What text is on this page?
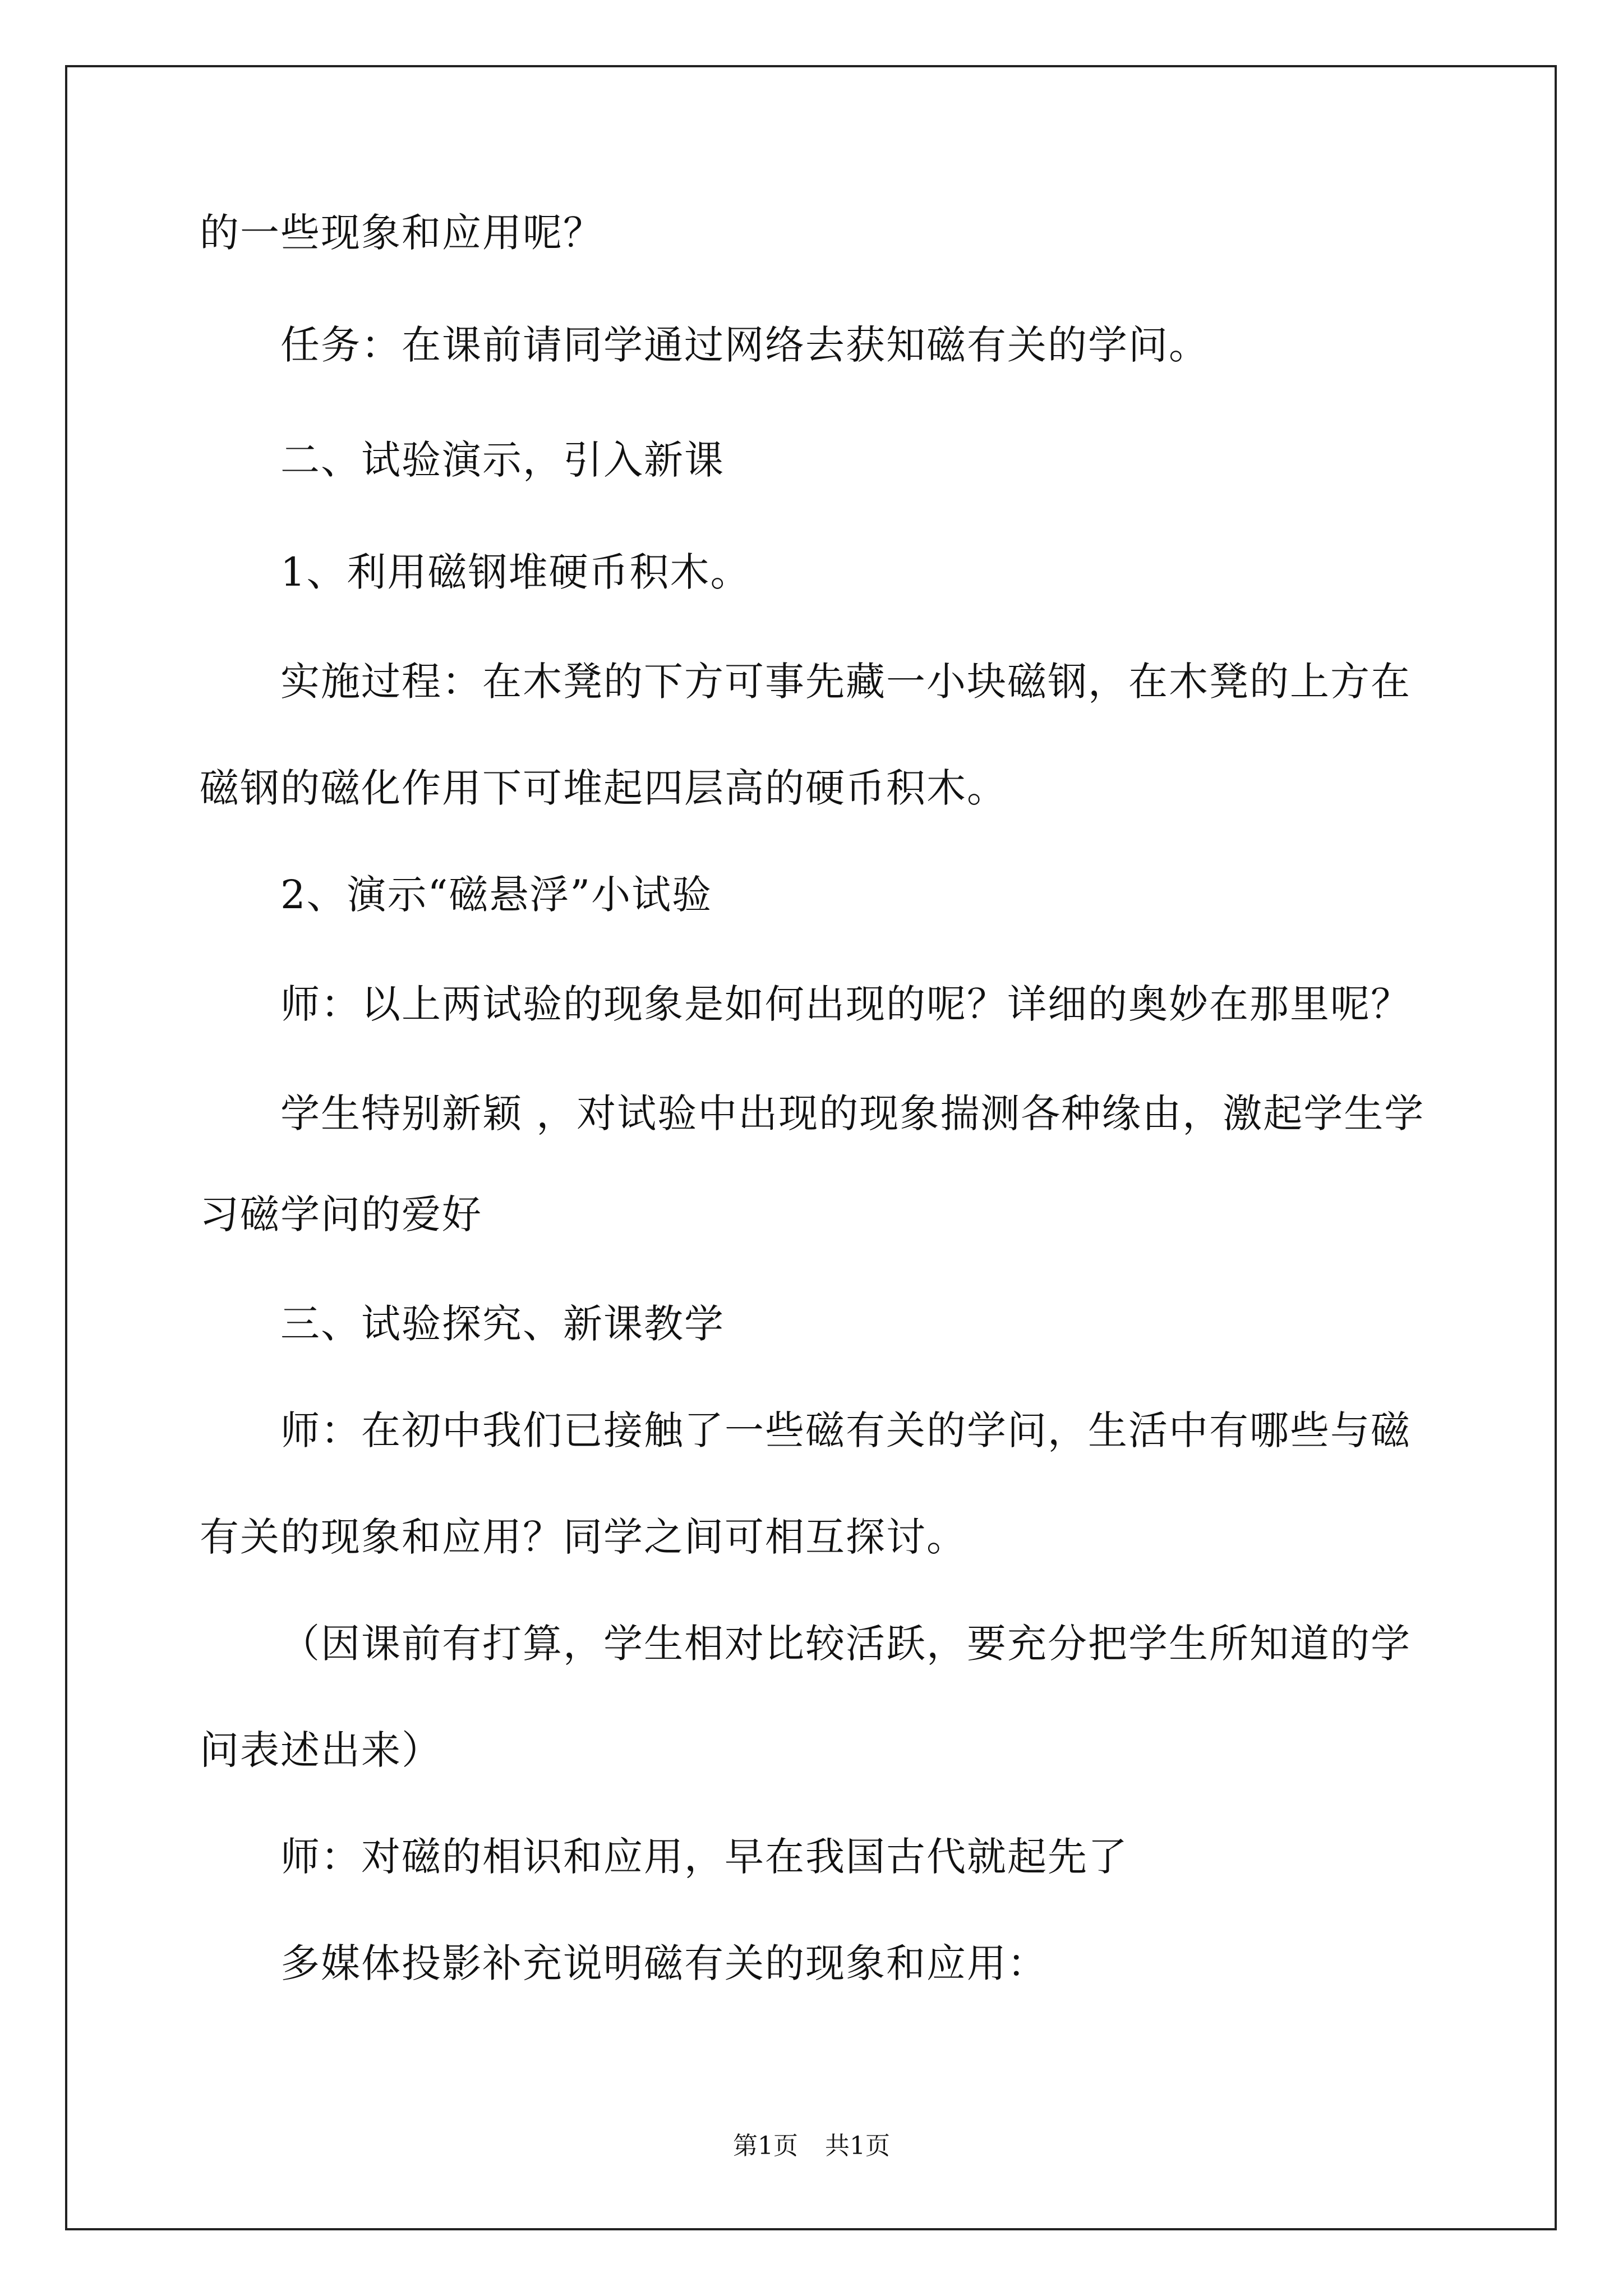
的一些现象和应用呢？
任务：在课前请同学通过网络去获知磁有关的学问。
二、试验演示，引入新课
1、利用磁钢堆硬币积木。
实施过程：在木凳的下方可事先藏一小块磁钢，在木凳的上方在
磁钢的磁化作用下可堆起四层高的硬币积木。
2、演示“磁悬浮”小试验
师：以上两试验的现象是如何出现的呢？详细的奥妙在那里呢？
学生特别新颖 ，对试验中出现的现象揣测各种缘由，激起学生学
习磁学问的爱好
三、试验探究、新课教学
师：在初中我们已接触了一些磁有关的学问，生活中有哪些与磁
有关的现象和应用？同学之间可相互探讨。
（因课前有打算，学生相对比较活跃，要充分把学生所知道的学
问表述出来）
师：对磁的相识和应用，早在我国古代就起先了
多媒体投影补充说明磁有关的现象和应用：
第1页 共1页
